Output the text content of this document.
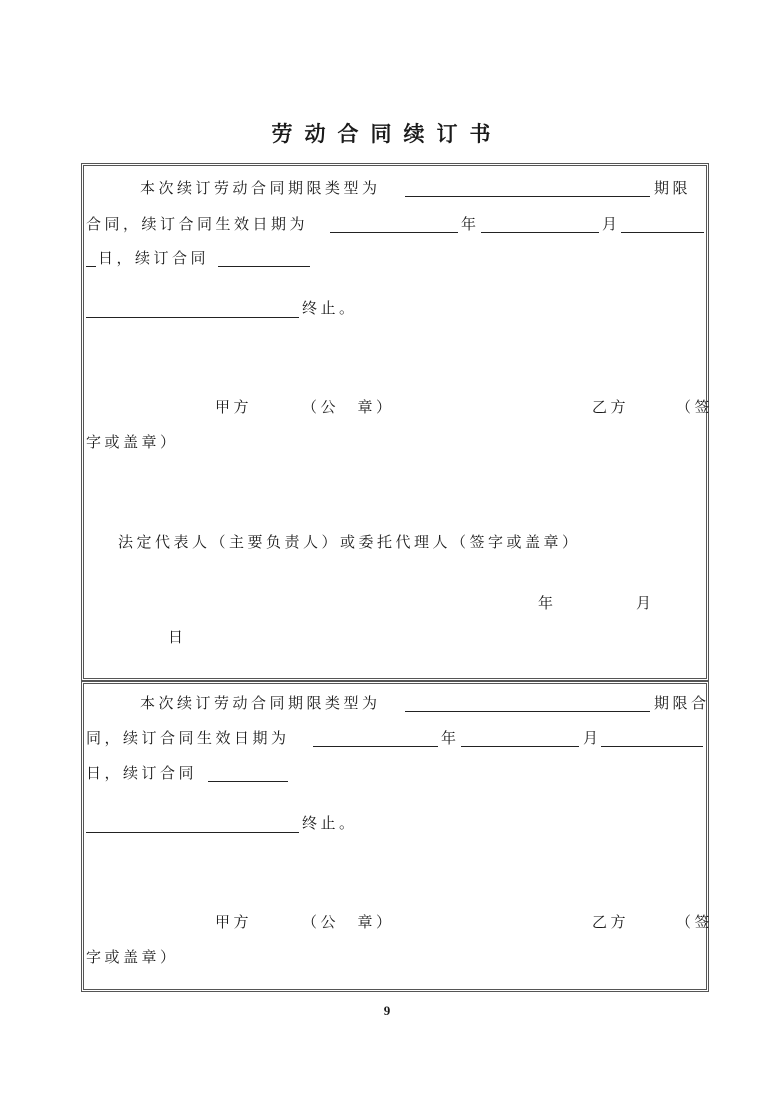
劳动合同续订书
本次续订劳动合同期限类型为	期限
合同，续订合同生效日期为	年	月
日，续订合同
终止。
甲方	（公　章）	乙方	（签
字或盖章）
法定代表人（主要负责人）或委托代理人（签字或盖章）
年	月
日
本次续订劳动合同期限类型为	期限合
同，续订合同生效日期为	年	月
日，续订合同
终止。
甲方	（公　章）	乙方	（签
字或盖章）
9
